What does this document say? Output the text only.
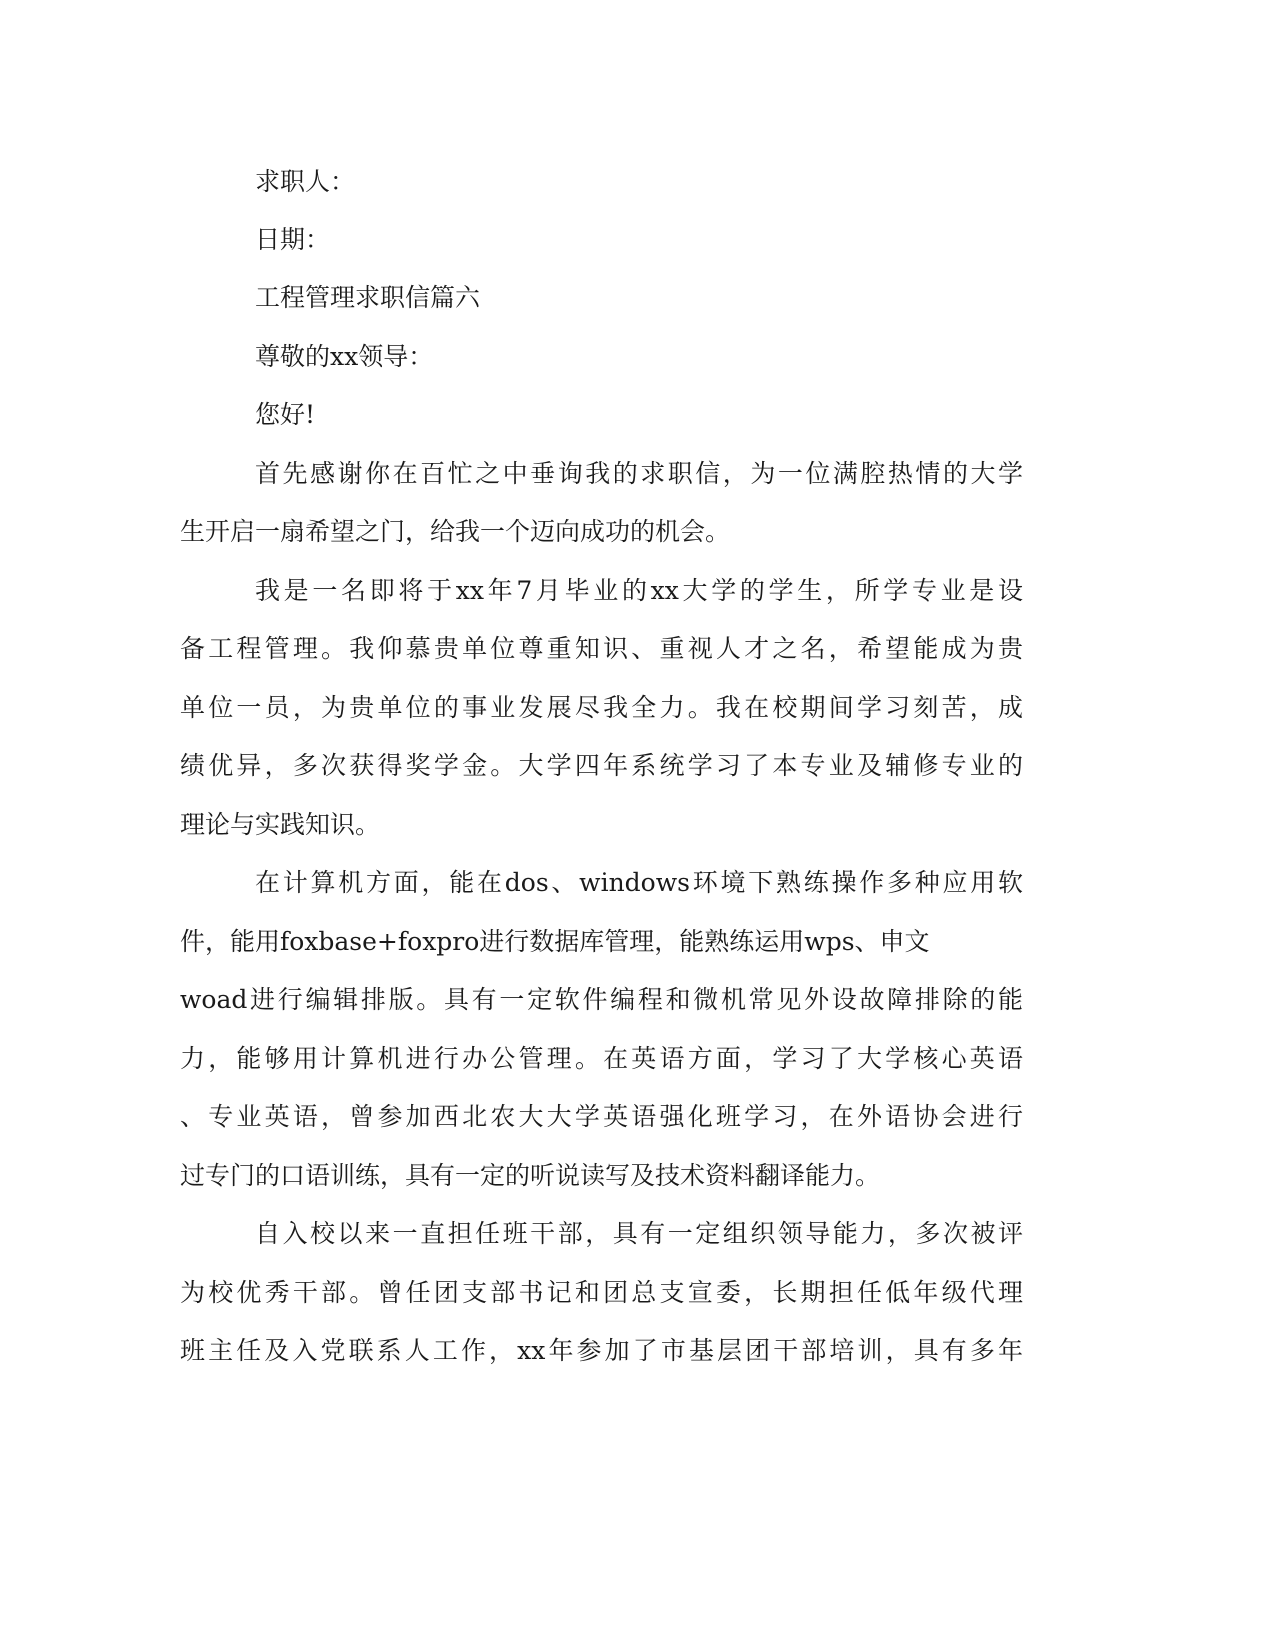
求职人：
日期：
工程管理求职信篇六
尊敬的xx领导：
您好!
首先感谢你在百忙之中垂询我的求职信，为一位满腔热情的大学
生开启一扇希望之门，给我一个迈向成功的机会。
我是一名即将于xx年7月毕业的xx大学的学生，所学专业是设
备工程管理。我仰慕贵单位尊重知识、重视人才之名，希望能成为贵
单位一员，为贵单位的事业发展尽我全力。我在校期间学习刻苦，成
绩优异，多次获得奖学金。大学四年系统学习了本专业及辅修专业的
理论与实践知识。
在计算机方面，能在dos、windows环境下熟练操作多种应用软
件，能用foxbase+foxpro进行数据库管理，能熟练运用wps、申文
woad进行编辑排版。具有一定软件编程和微机常见外设故障排除的能
力，能够用计算机进行办公管理。在英语方面，学习了大学核心英语
、专业英语，曾参加西北农大大学英语强化班学习，在外语协会进行
过专门的口语训练，具有一定的听说读写及技术资料翻译能力。
自入校以来一直担任班干部，具有一定组织领导能力，多次被评
为校优秀干部。曾任团支部书记和团总支宣委，长期担任低年级代理
班主任及入党联系人工作，xx年参加了市基层团干部培训，具有多年
